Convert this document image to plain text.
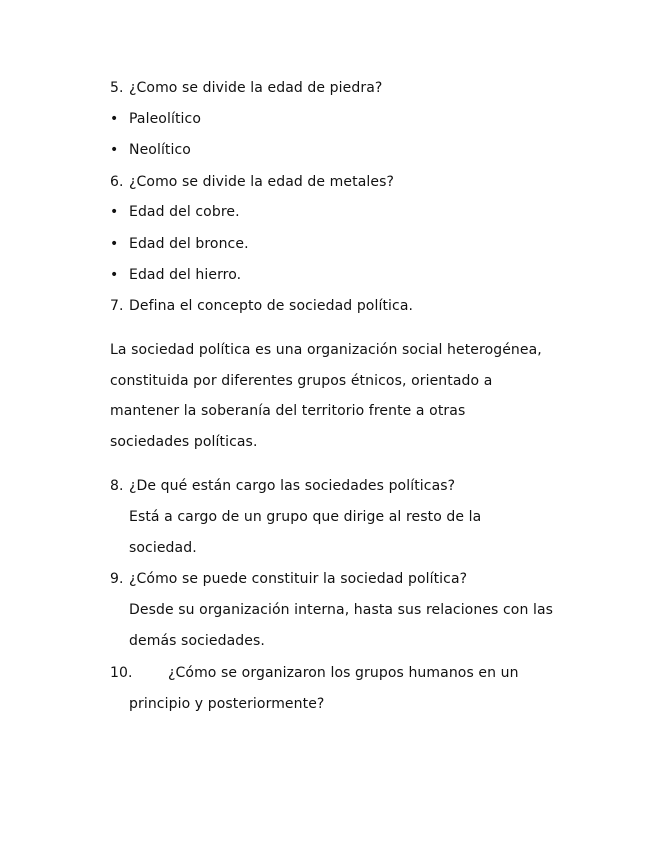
5. ¿Como se divide la edad de piedra?
• Paleolítico
• Neolítico
6. ¿Como se divide la edad de metales?
• Edad del cobre.
• Edad del bronce.
• Edad del hierro.
7. Defina el concepto de sociedad política.
La sociedad política es una organización social heterogénea,
constituida por diferentes grupos étnicos, orientado a
mantener la soberanía del territorio frente a otras
sociedades políticas.
8. ¿De qué están cargo las sociedades políticas?
Está a cargo de un grupo que dirige al resto de la
sociedad.
9. ¿Cómo se puede constituir la sociedad política?
Desde su organización interna, hasta sus relaciones con las
demás sociedades.
10.	¿Cómo se organizaron los grupos humanos en un
principio y posteriormente?
